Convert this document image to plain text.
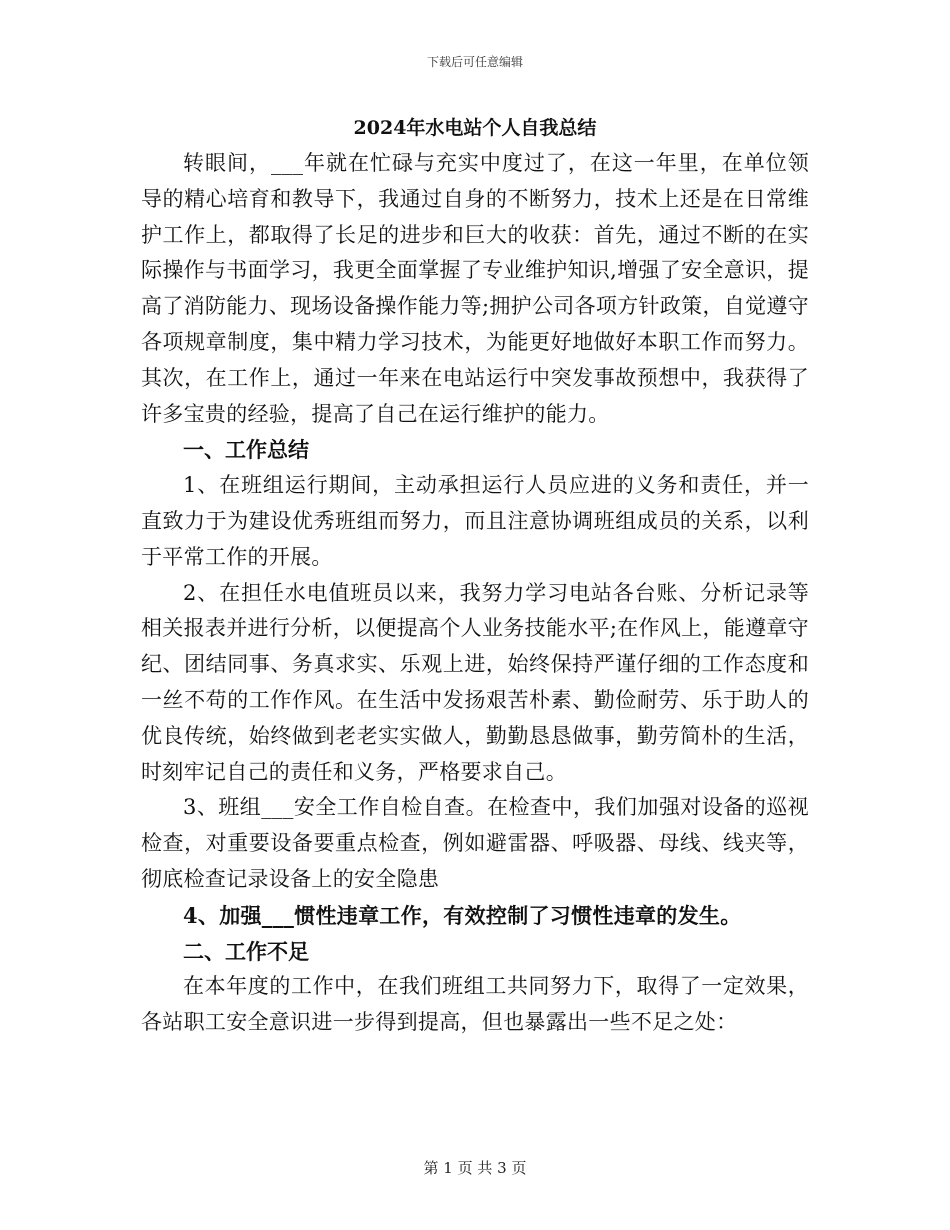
下载后可任意编辑

2024年水电站个人自我总结

转眼间，___年就在忙碌与充实中度过了，在这一年里，在单位领导的精心培育和教导下，我通过自身的不断努力，技术上还是在日常维护工作上，都取得了长足的进步和巨大的收获：首先，通过不断的在实际操作与书面学习，我更全面掌握了专业维护知识,增强了安全意识，提高了消防能力、现场设备操作能力等;拥护公司各项方针政策，自觉遵守各项规章制度，集中精力学习技术，为能更好地做好本职工作而努力。其次，在工作上，通过一年来在电站运行中突发事故预想中，我获得了许多宝贵的经验，提高了自己在运行维护的能力。

一、工作总结

1、在班组运行期间，主动承担运行人员应进的义务和责任，并一直致力于为建设优秀班组而努力，而且注意协调班组成员的关系，以利于平常工作的开展。

2、在担任水电值班员以来，我努力学习电站各台账、分析记录等相关报表并进行分析，以便提高个人业务技能水平;在作风上，能遵章守纪、团结同事、务真求实、乐观上进，始终保持严谨仔细的工作态度和一丝不苟的工作作风。在生活中发扬艰苦朴素、勤俭耐劳、乐于助人的优良传统，始终做到老老实实做人，勤勤恳恳做事，勤劳简朴的生活，时刻牢记自己的责任和义务，严格要求自己。

3、班组___安全工作自检自查。在检查中，我们加强对设备的巡视检查，对重要设备要重点检查，例如避雷器、呼吸器、母线、线夹等，彻底检查记录设备上的安全隐患

4、加强___惯性违章工作，有效控制了习惯性违章的发生。

二、工作不足

在本年度的工作中，在我们班组工共同努力下，取得了一定效果，各站职工安全意识进一步得到提高，但也暴露出一些不足之处：

第 1 页 共 3 页
